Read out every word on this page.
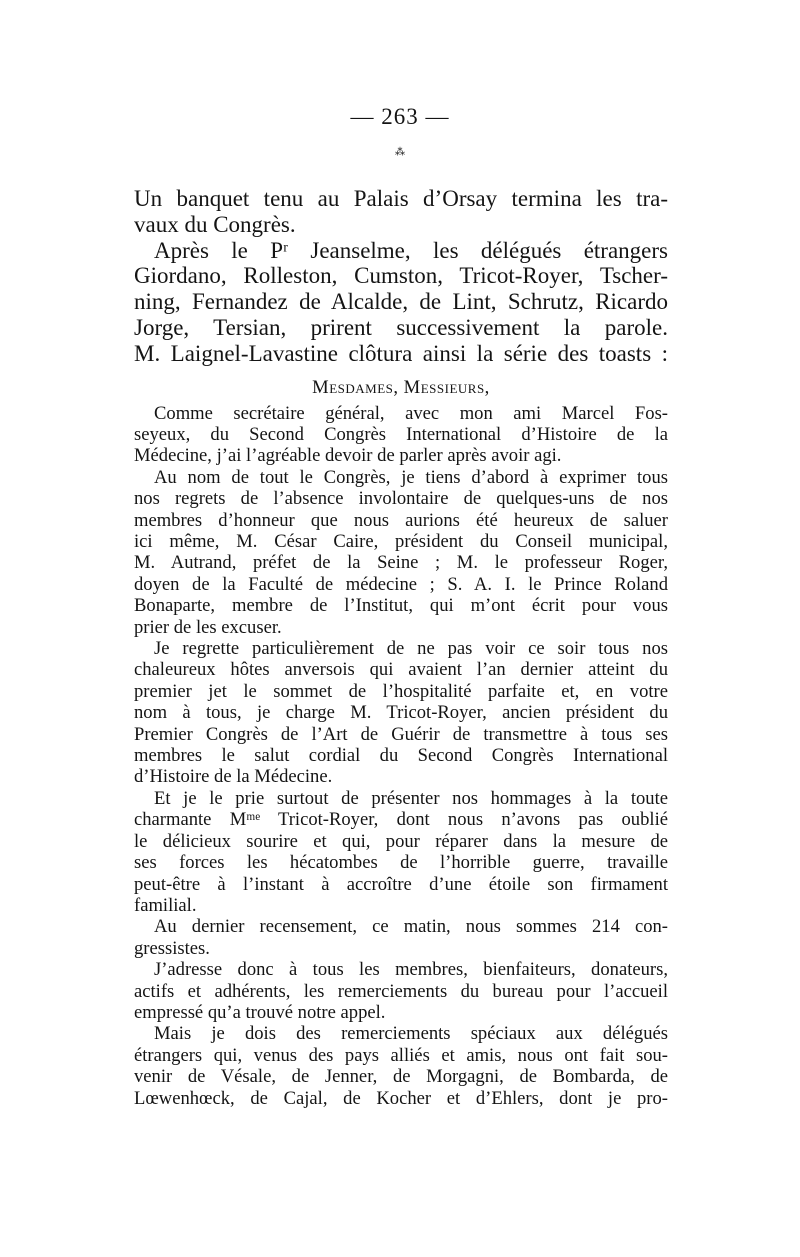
— 263 —
⁂

Un banquet tenu au Palais d’Orsay termina les tra-

vaux du Congrès.

Après le Pʳ Jeanselme, les délégués étrangers

Giordano, Rolleston, Cumston, Tricot-Royer, Tscher-

ning, Fernandez de Alcalde, de Lint, Schrutz, Ricardo

Jorge, Tersian, prirent successivement la parole.

M. Laignel-Lavastine clôtura ainsi la série des toasts :

Mesdames, Messieurs,

Comme secrétaire général, avec mon ami Marcel Fos-

seyeux, du Second Congrès International d’Histoire de la

Médecine, j’ai l’agréable devoir de parler après avoir agi.

Au nom de tout le Congrès, je tiens d’abord à exprimer tous

nos regrets de l’absence involontaire de quelques-uns de nos

membres d’honneur que nous aurions été heureux de saluer

ici même, M. César Caire, président du Conseil municipal,

M. Autrand, préfet de la Seine ; M. le professeur Roger,

doyen de la Faculté de médecine ; S. A. I. le Prince Roland

Bonaparte, membre de l’Institut, qui m’ont écrit pour vous

prier de les excuser.

Je regrette particulièrement de ne pas voir ce soir tous nos

chaleureux hôtes anversois qui avaient l’an dernier atteint du

premier jet le sommet de l’hospitalité parfaite et, en votre

nom à tous, je charge M. Tricot-Royer, ancien président du

Premier Congrès de l’Art de Guérir de transmettre à tous ses

membres le salut cordial du Second Congrès International

d’Histoire de la Médecine.

Et je le prie surtout de présenter nos hommages à la toute

charmante Mᵐᵉ Tricot-Royer, dont nous n’avons pas oublié

le délicieux sourire et qui, pour réparer dans la mesure de

ses forces les hécatombes de l’horrible guerre, travaille

peut-être à l’instant à accroître d’une étoile son firmament

familial.

Au dernier recensement, ce matin, nous sommes 214 con-

gressistes.

J’adresse donc à tous les membres, bienfaiteurs, donateurs,

actifs et adhérents, les remerciements du bureau pour l’accueil

empressé qu’a trouvé notre appel.

Mais je dois des remerciements spéciaux aux délégués

étrangers qui, venus des pays alliés et amis, nous ont fait sou-

venir de Vésale, de Jenner, de Morgagni, de Bombarda, de

Lœwenhœck, de Cajal, de Kocher et d’Ehlers, dont je pro-
